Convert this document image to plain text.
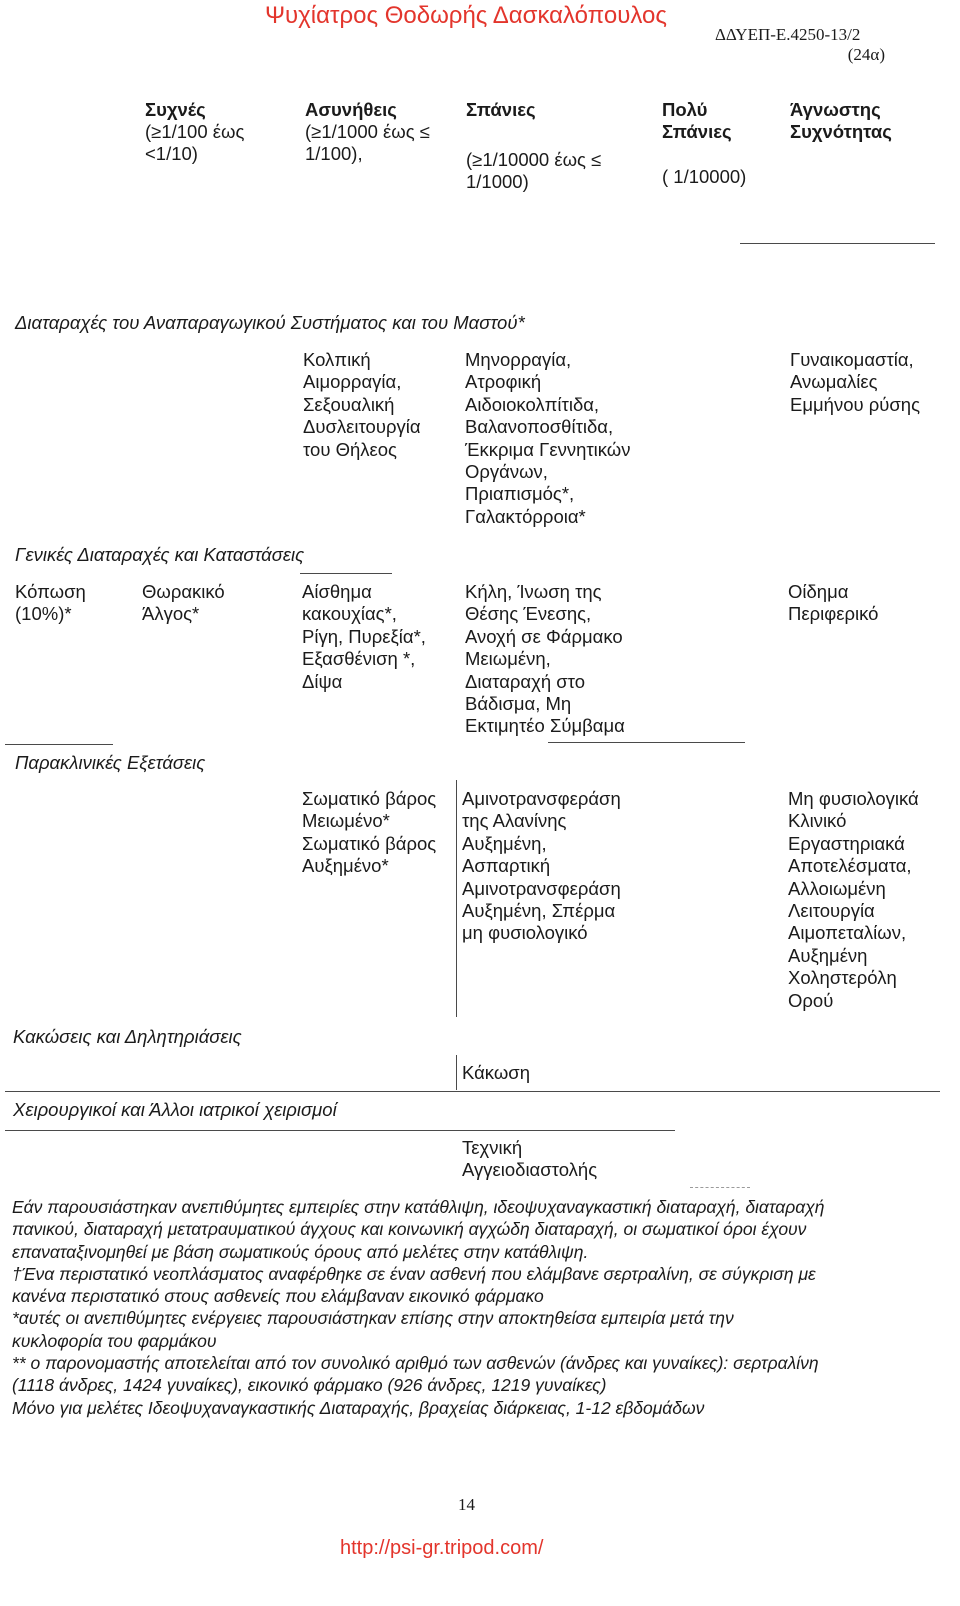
Ψυχίατρος Θοδωρής Δασκαλόπουλος
ΔΔΥΕΠ-Ε.4250-13/2
(24α)
Συχνές
(≥1/100 έως
<1/10)
Ασυνήθεις
(≥1/1000 έως ≤
1/100),
Σπάνιες
(≥1/10000 έως ≤
1/1000)
Πολύ
Σπάνιες
( 1/10000)
Άγνωστης
Συχνότητας
Διαταραχές του Αναπαραγωγικού Συστήματος και του Μαστού*
Κολπική
Αιμορραγία,
Σεξουαλική
Δυσλειτουργία
του Θήλεος
Μηνορραγία,
Ατροφική
Αιδοιοκολπίτιδα,
Βαλανοποσθίτιδα,
Έκκριμα Γεννητικών
Οργάνων,
Πριαπισμός*,
Γαλακτόρροια*
Γυναικομαστία,
Ανωμαλίες
Εμμήνου ρύσης
Γενικές Διαταραχές και Καταστάσεις
Κόπωση
(10%)*
Θωρακικό
Άλγος*
Αίσθημα
κακουχίας*,
Ρίγη, Πυρεξία*,
Εξασθένιση *,
Δίψα
Κήλη, Ίνωση της
Θέσης Ένεσης,
Ανοχή σε Φάρμακο
Μειωμένη,
Διαταραχή στο
Βάδισμα, Μη
Εκτιμητέο Σύμβαμα
Οίδημα
Περιφερικό
Παρακλινικές Εξετάσεις
Σωματικό βάρος
Μειωμένο*
Σωματικό βάρος
Αυξημένο*
Αμινοτρανσφεράση
της Αλανίνης
Αυξημένη,
Ασπαρτική
Αμινοτρανσφεράση
Αυξημένη, Σπέρμα
μη φυσιολογικό
Μη φυσιολογικά
Κλινικό
Εργαστηριακά
Αποτελέσματα,
Αλλοιωμένη
Λειτουργία
Αιμοπεταλίων,
Αυξημένη
Χοληστερόλη
Ορού
Κακώσεις και Δηλητηριάσεις
Κάκωση
Χειρουργικοί και Άλλοι ιατρικοί χειρισμοί
Τεχνική
Αγγειοδιαστολής
Εάν παρουσιάστηκαν ανεπιθύμητες εμπειρίες στην κατάθλιψη, ιδεοψυχαναγκαστική διαταραχή, διαταραχή
πανικού, διαταραχή μετατραυματικού άγχους και κοινωνική αγχώδη διαταραχή, οι σωματικοί όροι έχουν
επαναταξινομηθεί με βάση σωματικούς όρους από μελέτες στην κατάθλιψη.
†Ένα περιστατικό νεοπλάσματος αναφέρθηκε σε έναν ασθενή που ελάμβανε σερτραλίνη, σε σύγκριση με
κανένα περιστατικό στους ασθενείς που ελάμβαναν εικονικό φάρμακο
*αυτές οι ανεπιθύμητες ενέργειες παρουσιάστηκαν επίσης στην αποκτηθείσα εμπειρία μετά την
κυκλοφορία του φαρμάκου
** ο παρονομαστής αποτελείται από τον συνολικό αριθμό των ασθενών (άνδρες και γυναίκες): σερτραλίνη
(1118 άνδρες, 1424 γυναίκες), εικονικό φάρμακο (926 άνδρες, 1219 γυναίκες)
Μόνο για μελέτες Ιδεοψυχαναγκαστικής Διαταραχής, βραχείας διάρκειας, 1-12 εβδομάδων
14
http://psi-gr.tripod.com/
